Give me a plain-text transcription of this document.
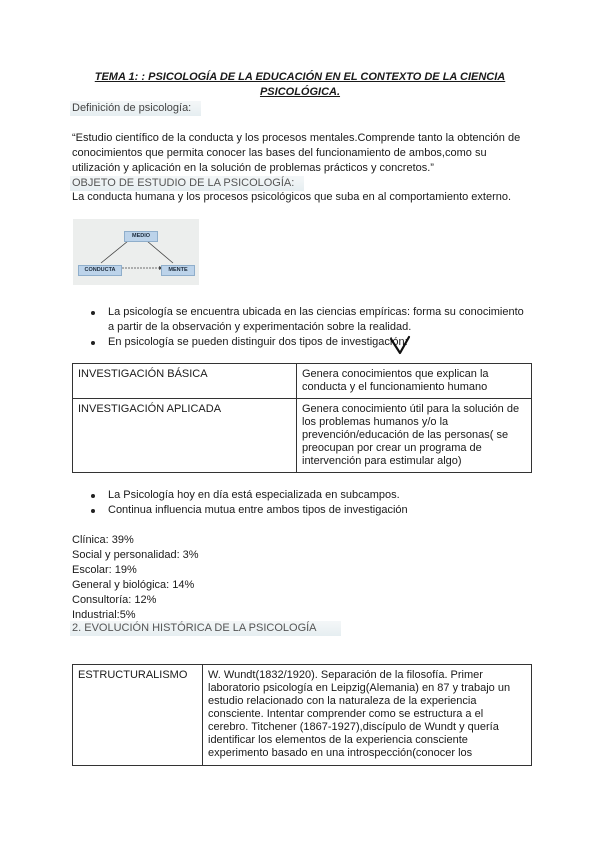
TEMA 1: : PSICOLOGÍA DE LA EDUCACIÓN EN EL CONTEXTO DE LA CIENCIA PSICOLÓGICA.
Definición de psicología:
“Estudio científico de la conducta y los procesos mentales.Comprende tanto la obtención de conocimientos que permita conocer las bases del funcionamiento de ambos,como su utilización y aplicación en la solución de problemas prácticos y concretos.”
OBJETO DE ESTUDIO DE LA PSICOLOGÍA:
La conducta humana y los procesos psicológicos que suba en al comportamiento externo.
MEDIO
CONDUCTA	MENTE
La psicología se encuentra ubicada en las ciencias empíricas: forma su conocimiento a partir de la observación y experimentación sobre la realidad.
En psicología se pueden distinguir dos tipos de investigación:
INVESTIGACIÓN BÁSICA	Genera conocimientos que explican la conducta y el funcionamiento humano
INVESTIGACIÓN APLICADA	Genera conocimiento útil para la solución de los problemas humanos y/o la prevención/educación de las personas( se preocupan por crear un programa de intervención para estimular algo)
La Psicología hoy en día está especializada en subcampos.
Continua influencia mutua entre ambos tipos de investigación
Clínica: 39%
Social y personalidad: 3%
Escolar: 19%
General y biológica: 14%
Consultoría: 12%
Industrial:5%
2. EVOLUCIÓN HISTÓRICA DE LA PSICOLOGÍA
ESTRUCTURALISMO	W. Wundt(1832/1920). Separación de la filosofía. Primer laboratorio psicología en Leipzig(Alemania) en 87 y trabajo un estudio relacionado con la naturaleza de la experiencia consciente. Intentar comprender como se estructura a el cerebro. Titchener (1867-1927),discípulo de Wundt y quería identificar los elementos de la experiencia consciente experimento basado en una introspección(conocer los
